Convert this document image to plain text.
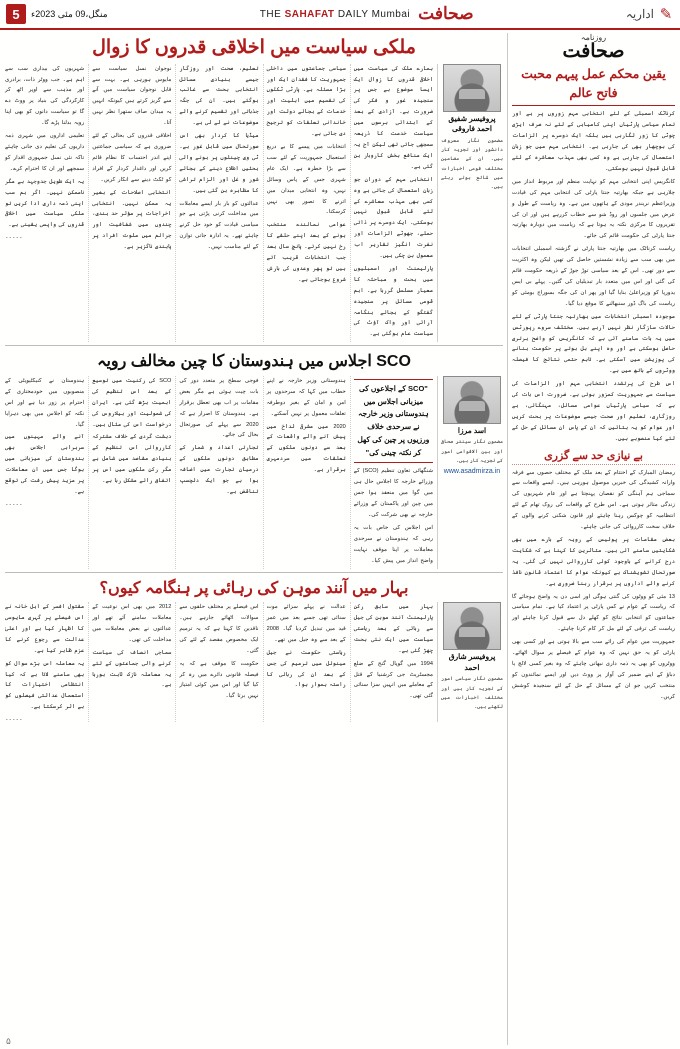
5	منگل،09 مئی 2023ء	THE SAHAFAT DAILY Mumbai صحافت	اداریہ ✎
ملکی سیاست میں اخلاقی قدروں کا زوال
پروفیسر شفیق احمد فاروقی
مضمون نگار معروف دانشور اور تجزیہ کار ہیں۔ ان کے مضامین مختلف قومی اخبارات میں شائع ہوتے رہتے ہیں۔

ہمارے ملک کی سیاست میں اخلاقی قدروں کا زوال ایک ایسا موضوع ہے جس پر سنجیدہ غور و فکر کی ضرورت ہے۔ آزادی کے بعد کے ابتدائی برسوں میں سیاست خدمت کا ذریعہ سمجھی جاتی تھی لیکن آج یہ ایک منافع بخش کاروبار بن گئی ہے۔

انتخابی مہم کے دوران جو زبان استعمال کی جاتی ہے وہ کسی بھی مہذب معاشرے کے لئے قابل قبول نہیں ہوسکتی۔ ایک دوسرے پر ذاتی حملے، جھوٹے الزامات اور نفرت انگیز تقاریر اب معمول بن چکی ہیں۔

پارلیمنٹ اور اسمبلیوں میں بحث و مباحثہ کا معیار مسلسل گررہا ہے۔ اہم قومی مسائل پر سنجیدہ گفتگو کے بجائے ہنگامہ آرائی اور واک آؤٹ کی سیاست عام ہوگئی ہے۔

سیاسی جماعتوں میں داخلی جمہوریت کا فقدان ایک اور بڑا مسئلہ ہے۔ پارٹی ٹکٹوں کی تقسیم میں اہلیت اور خدمات کے بجائے دولت اور خاندانی تعلقات کو ترجیح دی جاتی ہے۔

انتخابات میں پیسے کا بے دریغ استعمال جمہوریت کے لئے سب سے بڑا خطرہ ہے۔ ایک عام شہری جس کے پاس وسائل نہیں، وہ انتخابی میدان میں اترنے کا تصور بھی نہیں کرسکتا۔

عوامی نمائندے منتخب ہونے کے بعد اپنے حلقے کا رخ نہیں کرتے۔ پانچ سال بعد جب انتخابات قریب آتے ہیں تو پھر وعدوں کی بارش شروع ہوجاتی ہے۔

تعلیم، صحت اور روزگار جیسے بنیادی مسائل انتخابی بحث سے غائب ہوگئے ہیں۔ ان کی جگہ جذباتی اور تقسیم کرنے والے موضوعات نے لے لی ہے۔

میڈیا کا کردار بھی اس صورتحال میں قابل غور ہے۔ ٹی وی چینلوں پر ہونے والی بحثیں اطلاع دینے کے بجائے شور و غل اور الزام تراشی کا مظاہرہ بن گئی ہیں۔

عدالتوں کو بار بار ایسے معاملات میں مداخلت کرنی پڑتی ہے جو سیاسی قیادت کو خود حل کرنے چاہئے تھے۔ یہ ادارہ جاتی توازن کے لئے مناسب نہیں۔

نوجوان نسل سیاست سے مایوس ہورہی ہے۔ بہت سے قابل نوجوان سیاست میں آنے سے گریز کرتے ہیں کیونکہ انہیں یہ میدان صاف ستھرا نظر نہیں آتا۔

اخلاقی قدروں کی بحالی کے لئے ضروری ہے کہ سیاسی جماعتیں اپنے اندر احتساب کا نظام قائم کریں اور داغدار کردار کے افراد کو ٹکٹ دینے سے انکار کریں۔

انتخابی اصلاحات کے بغیر یہ ممکن نہیں۔ انتخابی اخراجات پر مؤثر حد بندی، چندوں میں شفافیت اور جرائم میں ملوث افراد پر پابندی ناگزیر ہے۔

شہریوں کی بیداری سب سے اہم ہے۔ جب ووٹر ذات، برادری اور مذہب سے اوپر اٹھ کر کارکردگی کی بنیاد پر ووٹ دے گا تو سیاست دانوں کو بھی اپنا رویہ بدلنا پڑے گا۔

تعلیمی اداروں میں شہری ذمہ داریوں کی تعلیم دی جانی چاہئے تاکہ نئی نسل جمہوری اقدار کو سمجھے اور ان کا احترام کرے۔

یہ ایک طویل جدوجہد ہے مگر ناممکن نہیں۔ اگر ہم سب اپنی ذمہ داری ادا کریں تو ملکی سیاست میں اخلاقی قدروں کی واپسی یقینی ہے۔

۔۔۔۔۔
SCO اجلاس میں ہندوستان کا چین مخالف رویہ
اسد مرزا
مضمون نگار سینئر صحافی اور بین الاقوامی امور کے تجزیہ کار ہیں۔
www.asadmirza.in
"SCO کے اجلاعوں کی میزبانی اجلاس میں ہندوستانی وزیر خارجہ نے سرحدی خلاف ورزیوں پر چین کی کھل کر نکتہ چینی کی"

شنگھائی تعاون تنظیم (SCO) کے وزرائے خارجہ کا اجلاس حال ہی میں گوا میں منعقد ہوا جس میں چین اور پاکستان کے وزرائے خارجہ نے بھی شرکت کی۔

اس اجلاس کی خاص بات یہ رہی کہ ہندوستان نے سرحدی معاملات پر اپنا موقف نہایت واضح انداز میں پیش کیا۔

ہندوستانی وزیر خارجہ نے اپنے خطاب میں کہا کہ سرحدوں پر امن و امان کے بغیر دوطرفہ تعلقات معمول پر نہیں آسکتے۔

2020 میں مشرقی لداخ میں پیش آنے والے واقعات کے بعد سے دونوں ملکوں کے تعلقات میں سردمہری برقرار ہے۔

فوجی سطح پر متعدد دور کی بات چیت ہوئی ہے مگر بعض مقامات پر اب بھی تعطل برقرار ہے۔ ہندوستان کا اصرار ہے کہ 2020 سے پہلے کی صورتحال بحال کی جائے۔

تجارتی اعداد و شمار کے مطابق دونوں ملکوں کے درمیان تجارت میں اضافہ ہوا ہے جو ایک دلچسپ تناقض ہے۔

SCO کی رکنیت میں توسیع کے بعد اس تنظیم کی اہمیت بڑھ گئی ہے۔ ایران کی شمولیت اور بیلاروس کی درخواست اس کی مثال ہیں۔

دہشت گردی کے خلاف مشترکہ کارروائی اس تنظیم کے بنیادی مقاصد میں شامل ہے مگر رکن ملکوں میں اس پر اتفاق رائے مشکل رہا ہے۔

ہندوستان نے کنیکٹیویٹی کے منصوبوں میں خودمختاری کے احترام پر زور دیا ہے اور اس نکتہ کو اجلاس میں بھی دہرایا گیا۔

آنے والے مہینوں میں سربراہی اجلاس بھی ہندوستان کی میزبانی میں ہوگا جس میں ان معاملات پر مزید پیش رفت کی توقع ہے۔

۔۔۔۔۔
بہار میں آنند موہن کی رہائی پر ہنگامہ کیوں؟
پروفیسر شارق احمد
مضمون نگار سیاسی امور کے تجزیہ کار ہیں اور مختلف اخبارات میں لکھتے ہیں۔

بہار میں سابق رکن پارلیمنٹ آنند موہن کی جیل سے رہائی کے بعد ریاستی سیاست میں ایک نئی بحث چھڑ گئی ہے۔

1994 میں گوپال گنج کے ضلع مجسٹریٹ جی کرشنیا کے قتل کے معاملے میں انہیں سزا سنائی گئی تھی۔

عدالت نے پہلے سزائے موت سنائی تھی جسے بعد میں عمر قید میں تبدیل کردیا گیا۔ 2008 کے بعد سے وہ جیل میں تھے۔

ریاستی حکومت نے جیل مینوئل میں ترمیم کی جس کے بعد ان کی رہائی کا راستہ ہموار ہوا۔

اس فیصلے پر مختلف حلقوں سے سوالات اٹھائے جارہے ہیں۔ ناقدین کا کہنا ہے کہ یہ ترمیم ایک مخصوص مقصد کے لئے کی گئی۔

حکومت کا موقف ہے کہ یہ فیصلہ قانونی دائرے میں رہ کر کیا گیا اور اس میں کوئی امتیاز نہیں برتا گیا۔

2012 میں بھی اس نوعیت کے معاملات سامنے آئے تھے اور عدالتوں نے بعض معاملات میں مداخلت کی تھی۔

سماجی انصاف کی سیاست کرنے والی جماعتوں کے لئے یہ معاملہ نازک ثابت ہورہا ہے۔

مقتول افسر کے اہل خانہ نے اس فیصلے پر گہری مایوسی کا اظہار کیا ہے اور اعلیٰ عدالت سے رجوع کرنے کا عزم ظاہر کیا ہے۔

یہ معاملہ اس بڑے سوال کو بھی سامنے لاتا ہے کہ کیا انتظامی اختیارات کا استعمال عدالتی فیصلوں کو بے اثر کرسکتا ہے۔

۔۔۔۔۔
روزنامہ
صحافت
یقین محکم عمل پیہم محبت فاتح عالم

کرناٹک اسمبلی کے لئے انتخابی مہم زوروں پر ہے اور تمام سیاسی پارٹیاں اپنی کامیابی کے لئے نہ صرف ایڑی چوٹی کا زور لگارہی ہیں بلکہ ایک دوسرے پر الزامات کی بوچھار بھی کی جارہی ہے۔ انتخابی مہم میں جو زبان استعمال کی جارہی ہے وہ کسی بھی مہذب معاشرہ کے لئے قابل قبول نہیں ہوسکتی۔

کانگریس اپنی انتخابی مہم کو نہایت منظم اور مربوط انداز میں چلارہی ہے جبکہ بھارتیہ جنتا پارٹی کی انتخابی مہم کی قیادت وزیراعظم نریندر مودی کے ہاتھوں میں ہے۔ وہ ریاست کے طول و عرض میں جلسوں اور روڈ شو سے خطاب کررہے ہیں اور ان کی تقریروں کا مرکزی نکتہ یہ ہوتا ہے کہ ریاست میں دوبارہ بھارتیہ جنتا پارٹی کی حکومت قائم کی جائے۔

ریاست کرناٹک میں بھارتیہ جنتا پارٹی نے گزشتہ اسمبلی انتخابات میں بھی سب سے زیادہ نشستیں حاصل کی تھیں لیکن وہ اکثریت سے دور تھی۔ اس کے بعد سیاسی توڑ جوڑ کے ذریعہ حکومت قائم کی گئی اور اس میں متعدد بار تبدیلیاں کی گئیں۔ پہلے بی ایس یدورپا کو وزیراعلیٰ بنایا گیا اور پھر ان کی جگہ بسوراج بومئی کو ریاست کی باگ ڈور سنبھالنے کا موقع دیا گیا۔

موجودہ اسمبلی انتخابات میں بھارتیہ جنتا پارٹی کے لئے حالات سازگار نظر نہیں آرہے ہیں۔ مختلف سروے رپورٹس میں یہ بات سامنے آئی ہے کہ کانگریس کو واضح برتری حاصل ہوسکتی ہے اور وہ اپنے بل بوتے پر حکومت بنانے کی پوزیشن میں آسکتی ہے۔ تاہم حتمی نتائج کا فیصلہ ووٹروں کے ہاتھ میں ہے۔

اس طرح کی پرتشدد انتخابی مہم اور الزامات کی سیاست سے جمہوریت کمزور ہوتی ہے۔ ضرورت اس بات کی ہے کہ سیاسی پارٹیاں عوامی مسائل، مہنگائی، بے روزگاری، تعلیم اور صحت جیسے موضوعات پر بحث کریں اور عوام کو یہ بتائیں کہ ان کے پاس ان مسائل کے حل کے لئے کیا منصوبے ہیں۔

بے نیازی حد سے گزری

رمضان المبارک کے اختتام کے بعد ملک کے مختلف حصوں سے فرقہ وارانہ کشیدگی کی خبریں موصول ہورہی ہیں۔ ایسے واقعات سے سماجی ہم آہنگی کو نقصان پہنچتا ہے اور عام شہریوں کی زندگی متاثر ہوتی ہے۔ اس طرح کے واقعات کی روک تھام کے لئے انتظامیہ کو چوکس رہنا چاہئے اور قانون شکنی کرنے والوں کے خلاف سخت کارروائی کی جانی چاہئے۔

بعض مقامات پر پولیس کے رویہ کے بارے میں بھی شکایتیں سامنے آئی ہیں۔ متاثرین کا کہنا ہے کہ شکایت درج کرانے کے باوجود کوئی کارروائی نہیں کی گئی۔ یہ صورتحال تشویشناک ہے کیونکہ عوام کا اعتماد قانون نافذ کرنے والے اداروں پر برقرار رہنا ضروری ہے۔

13 مئی کو ووٹوں کی گنتی ہوگی اور اسی دن یہ واضح ہوجائے گا کہ ریاست کے عوام نے کس پارٹی پر اعتماد کیا ہے۔ تمام سیاسی جماعتوں کو انتخابی نتائج کو کھلے دل سے قبول کرنا چاہئے اور ریاست کی ترقی کے لئے مل کر کام کرنا چاہئے۔

جمہوریت میں عوام کی رائے سب سے بالا ہوتی ہے اور کسی بھی پارٹی کو یہ حق نہیں کہ وہ عوام کے فیصلے پر سوال اٹھائے۔ ووٹروں کو بھی یہ ذمہ داری نبھانی چاہئے کہ وہ بغیر کسی لالچ یا دباؤ کے اپنے ضمیر کی آواز پر ووٹ دیں اور ایسے نمائندوں کو منتخب کریں جو ان کے مسائل کے حل کے لئے سنجیدہ کوشش کریں۔

۵
